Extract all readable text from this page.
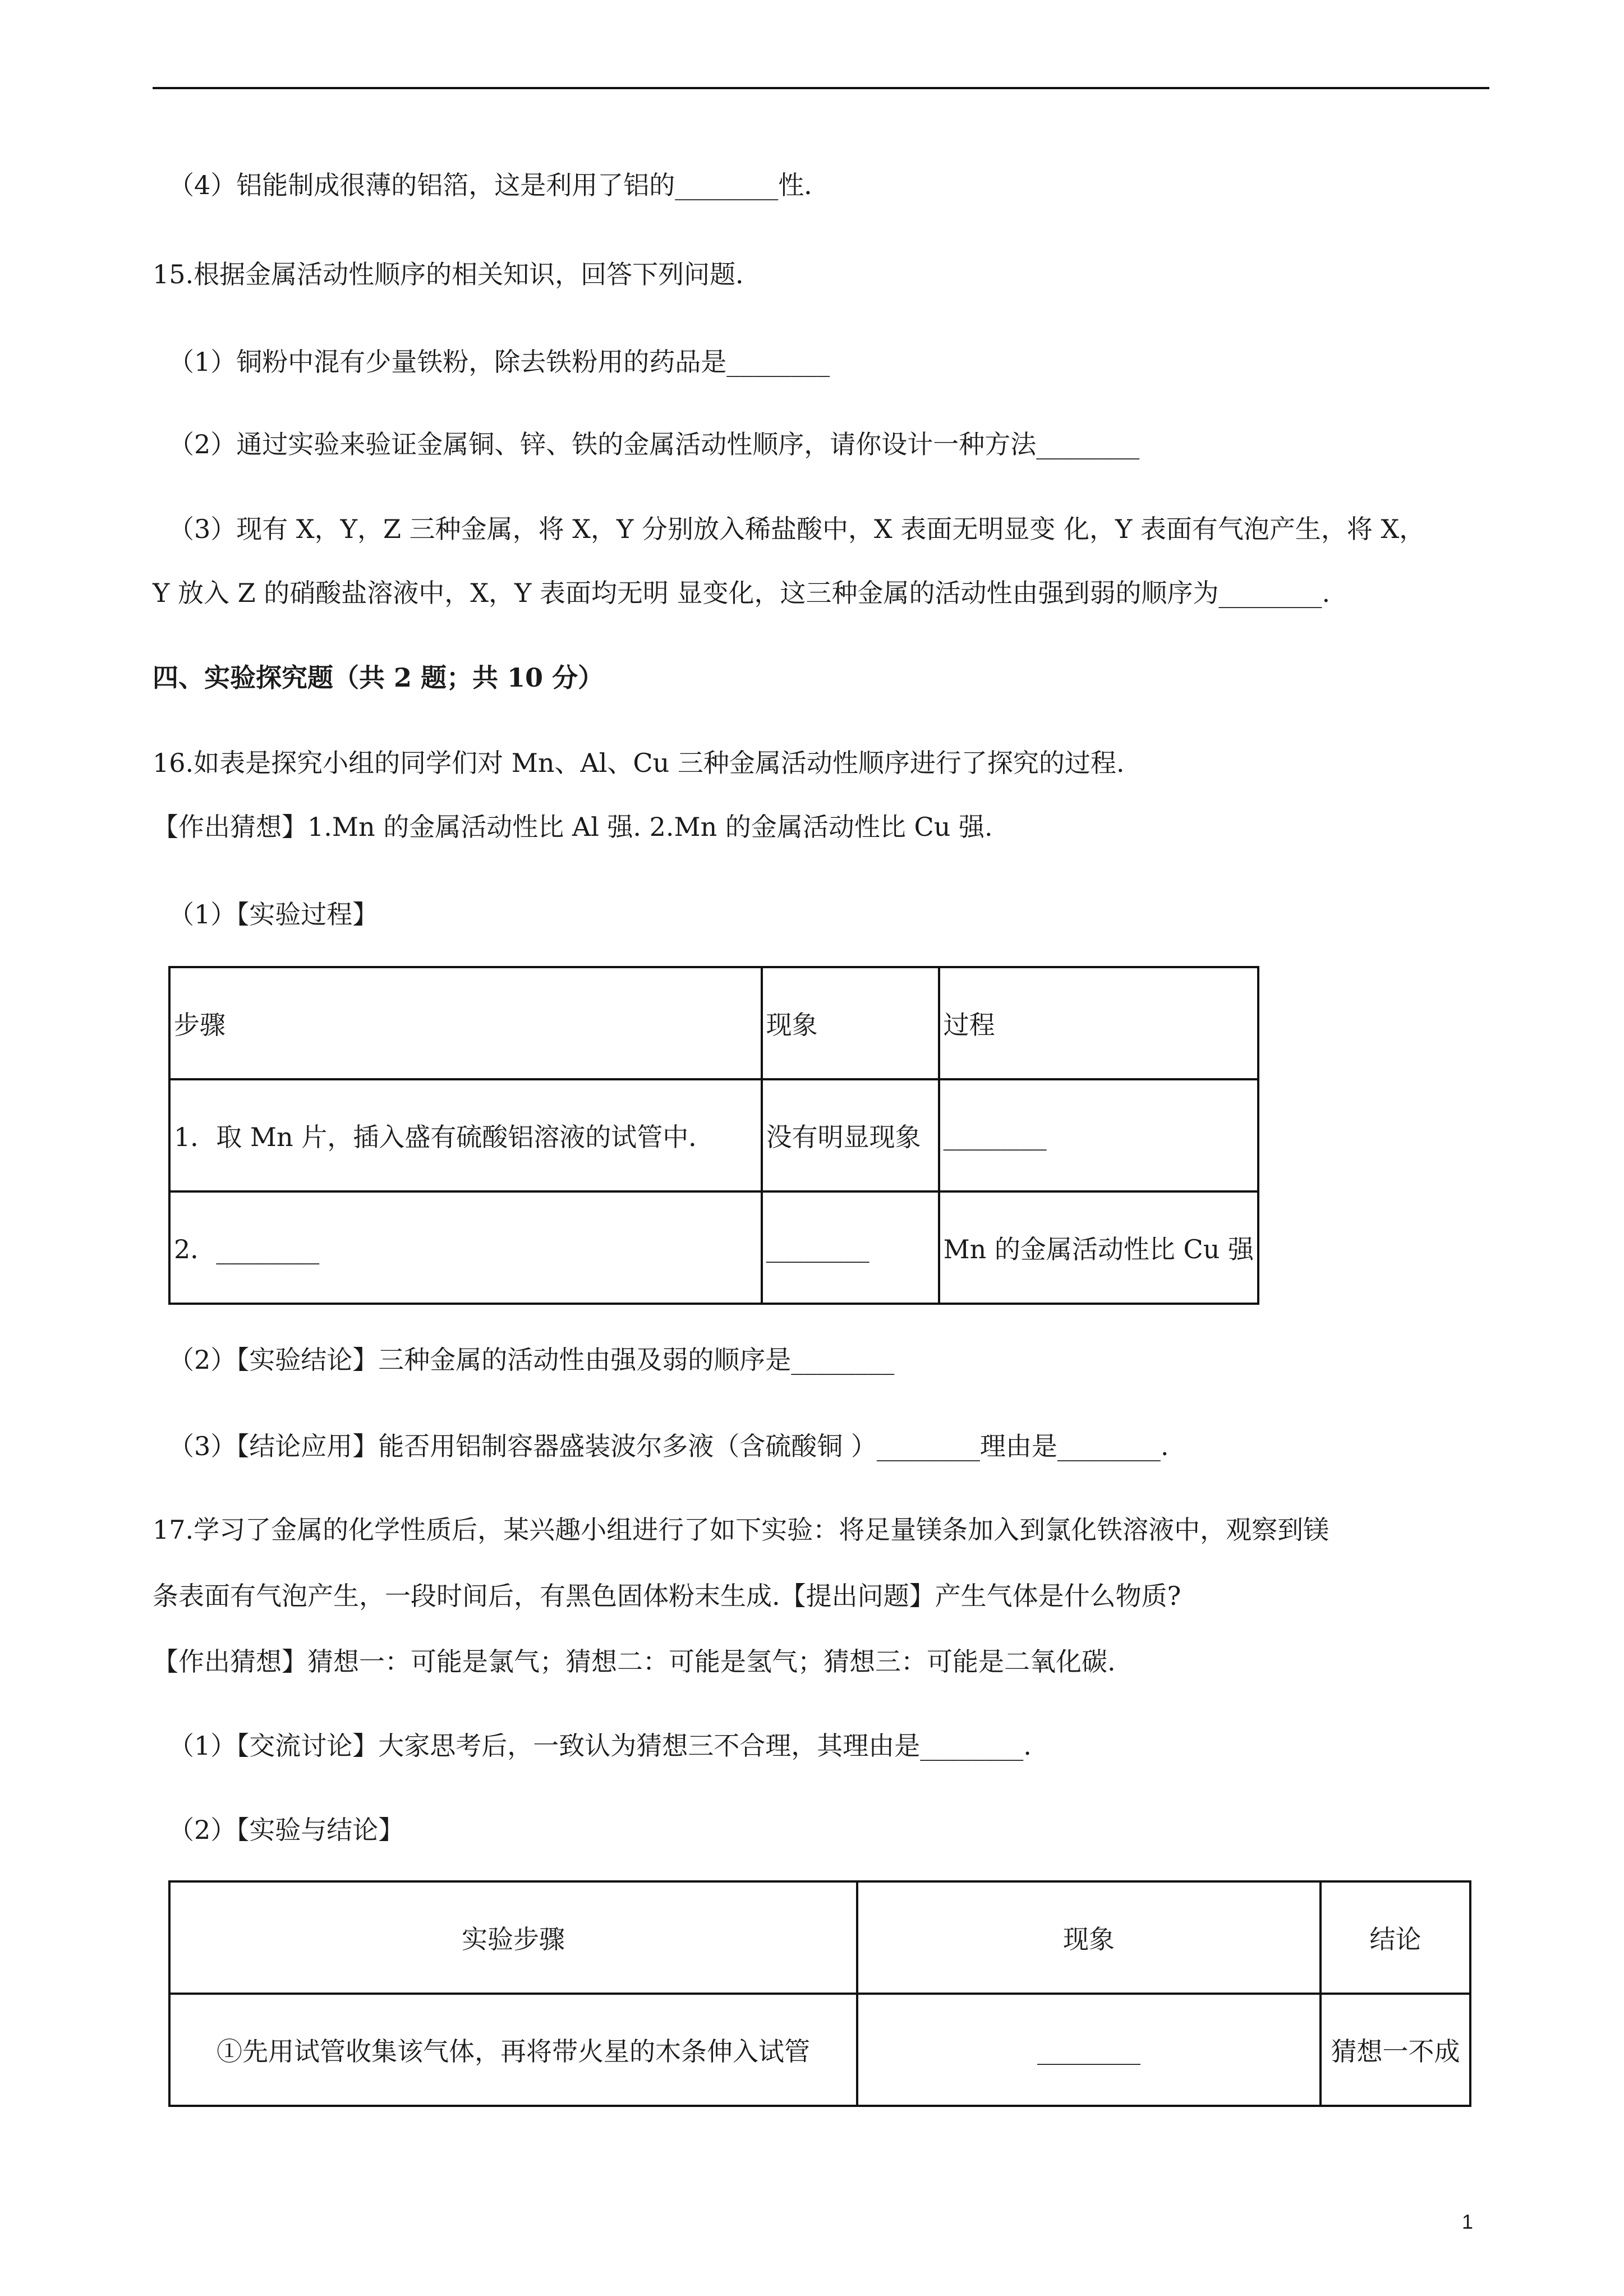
（4）铝能制成很薄的铝箔，这是利用了铝的________性．
15.根据金属活动性顺序的相关知识，回答下列问题．
（1）铜粉中混有少量铁粉，除去铁粉用的药品是________
（2）通过实验来验证金属铜、锌、铁的金属活动性顺序，请你设计一种方法________
（3）现有 X，Y，Z 三种金属，将 X，Y 分别放入稀盐酸中，X 表面无明显变 化，Y 表面有气泡产生，将 X，
Y 放入 Z 的硝酸盐溶液中，X，Y 表面均无明 显变化，这三种金属的活动性由强到弱的顺序为________.
四、实验探究题（共 2 题；共 10 分）
16.如表是探究小组的同学们对 Mn、Al、Cu 三种金属活动性顺序进行了探究的过程.
【作出猜想】1.Mn 的金属活动性比 Al 强. 2.Mn 的金属活动性比 Cu 强.
（1）【实验过程】
步骤	现象	过程
1．取 Mn 片，插入盛有硫酸铝溶液的试管中．	没有明显现象	________
2．________	________	Mn 的金属活动性比 Cu 强
（2）【实验结论】三种金属的活动性由强及弱的顺序是________
（3）【结论应用】能否用铝制容器盛装波尔多液（含硫酸铜 ）________理由是________.
17.学习了金属的化学性质后，某兴趣小组进行了如下实验：将足量镁条加入到氯化铁溶液中，观察到镁
条表面有气泡产生，一段时间后，有黑色固体粉末生成.【提出问题】产生气体是什么物质?
【作出猜想】猜想一：可能是氯气；猜想二：可能是氢气；猜想三：可能是二氧化碳.
（1）【交流讨论】大家思考后，一致认为猜想三不合理，其理由是________.
（2）【实验与结论】
实验步骤	现象	结论
①先用试管收集该气体，再将带火星的木条伸入试管	________	猜想一不成
1
